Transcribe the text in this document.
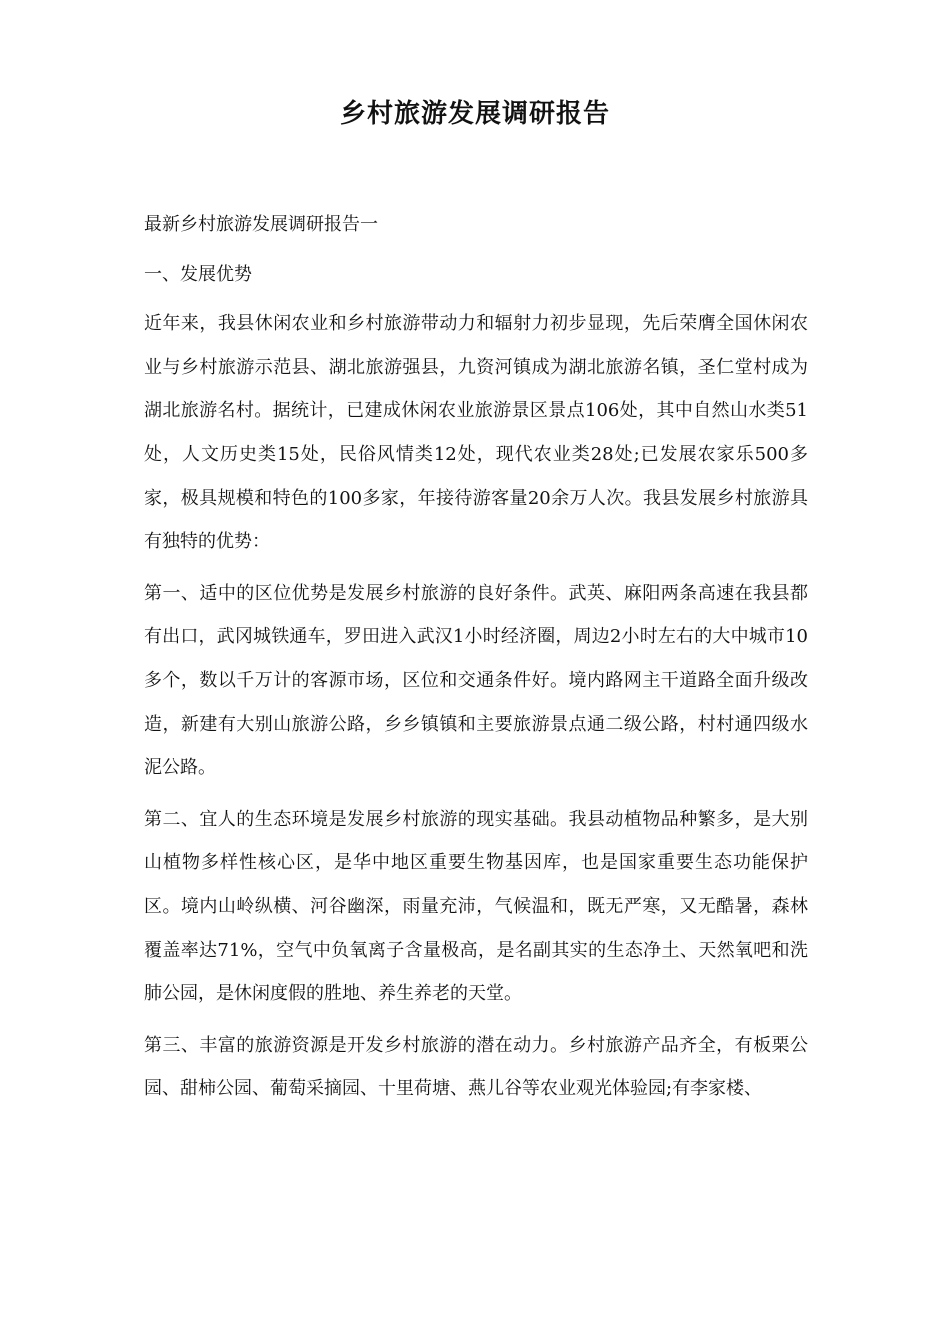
乡村旅游发展调研报告

最新乡村旅游发展调研报告一

一、发展优势

近年来，我县休闲农业和乡村旅游带动力和辐射力初步显现，先后荣膺全国休闲农业与乡村旅游示范县、湖北旅游强县，九资河镇成为湖北旅游名镇，圣仁堂村成为湖北旅游名村。据统计，已建成休闲农业旅游景区景点106处，其中自然山水类51处，人文历史类15处，民俗风情类12处，现代农业类28处;已发展农家乐500多家，极具规模和特色的100多家，年接待游客量20余万人次。我县发展乡村旅游具有独特的优势：

第一、适中的区位优势是发展乡村旅游的良好条件。武英、麻阳两条高速在我县都有出口，武冈城铁通车，罗田进入武汉1小时经济圈，周边2小时左右的大中城市10多个，数以千万计的客源市场，区位和交通条件好。境内路网主干道路全面升级改造，新建有大别山旅游公路，乡乡镇镇和主要旅游景点通二级公路，村村通四级水泥公路。

第二、宜人的生态环境是发展乡村旅游的现实基础。我县动植物品种繁多，是大别山植物多样性核心区，是华中地区重要生物基因库，也是国家重要生态功能保护区。境内山岭纵横、河谷幽深，雨量充沛，气候温和，既无严寒，又无酷暑，森林覆盖率达71%，空气中负氧离子含量极高，是名副其实的生态净土、天然氧吧和洗肺公园，是休闲度假的胜地、养生养老的天堂。

第三、丰富的旅游资源是开发乡村旅游的潜在动力。乡村旅游产品齐全，有板栗公园、甜柿公园、葡萄采摘园、十里荷塘、燕儿谷等农业观光体验园;有李家楼、
